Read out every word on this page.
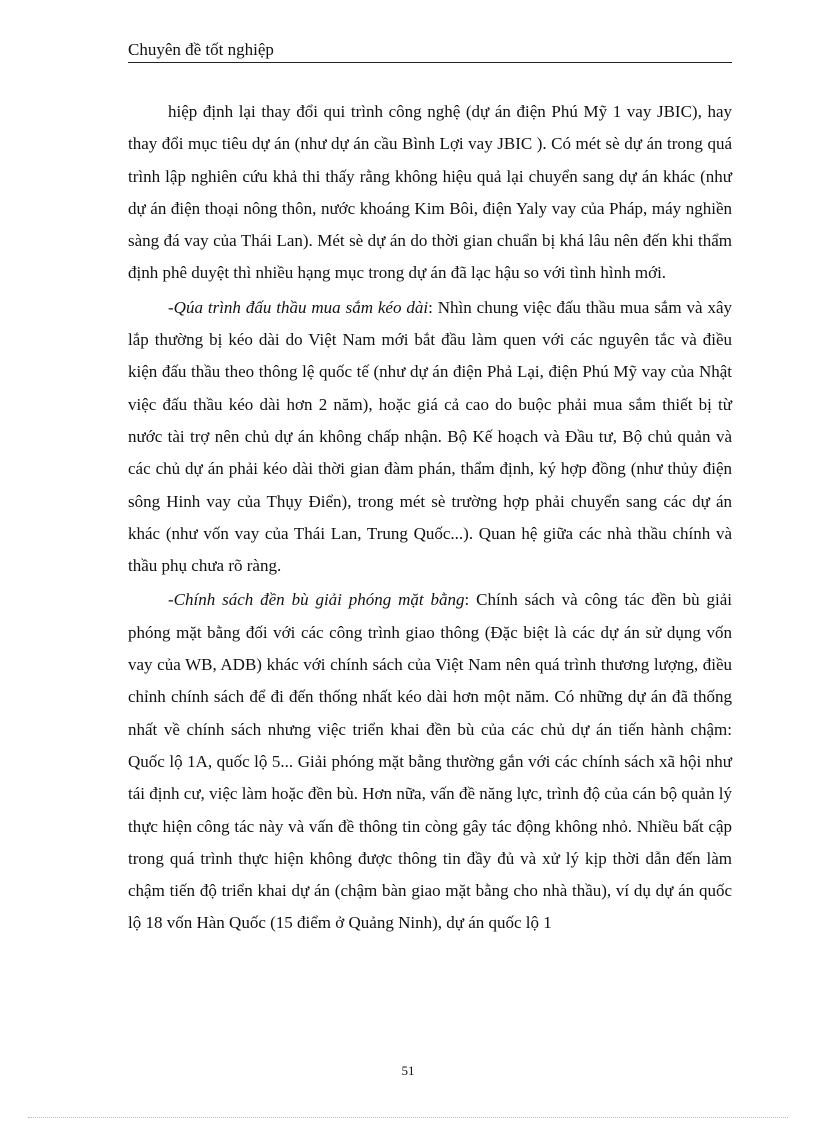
Chuyên đề tốt nghiệp

hiệp định lại thay đổi qui trình công nghệ (dự án điện Phú Mỹ 1 vay JBIC), hay thay đổi mục tiêu dự án (như dự án cầu Bình Lợi vay JBIC ). Có mét sè dự án trong quá trình lập nghiên cứu khả thi thấy rằng không hiệu quả lại chuyển sang dự án khác (như dự án điện thoại nông thôn, nước khoáng Kim Bôi, điện Yaly vay của Pháp, máy nghiền sàng đá vay của Thái Lan). Mét sè dự án do thời gian chuẩn bị khá lâu nên đến khi thẩm định phê duyệt thì nhiều hạng mục trong dự án đã lạc hậu so với tình hình mới.

-Qúa trình đấu thầu mua sắm kéo dài: Nhìn chung việc đấu thầu mua sắm và xây lắp thường bị kéo dài do Việt Nam mới bắt đầu làm quen với các nguyên tắc và điều kiện đấu thầu theo thông lệ quốc tế (như dự án điện Phả Lại, điện Phú Mỹ vay của Nhật việc đấu thầu kéo dài hơn 2 năm), hoặc giá cả cao do buộc phải mua sắm thiết bị từ nước tài trợ nên chủ dự án không chấp nhận. Bộ Kế hoạch và Đầu tư, Bộ chủ quản và các chủ dự án phải kéo dài thời gian đàm phán, thẩm định, ký hợp đồng (như thủy điện sông Hinh vay của Thụy Điển), trong mét sè trường hợp phải chuyển sang các dự án khác (như vốn vay của Thái Lan, Trung Quốc...). Quan hệ giữa các nhà thầu chính và thầu phụ chưa rõ ràng.

-Chính sách đền bù giải phóng mặt bằng: Chính sách và công tác đền bù giải phóng mặt bằng đối với các công trình giao thông (Đặc biệt là các dự án sử dụng vốn vay của WB, ADB) khác với chính sách của Việt Nam nên quá trình thương lượng, điều chỉnh chính sách để đi đến thống nhất kéo dài hơn một năm. Có những dự án đã thống nhất về chính sách nhưng việc triển khai đền bù của các chủ dự án tiến hành chậm: Quốc lộ 1A, quốc lộ 5... Giải phóng mặt bằng thường gắn với các chính sách xã hội như tái định cư, việc làm hoặc đền bù. Hơn nữa, vấn đề năng lực, trình độ của cán bộ quản lý thực hiện công tác này và vấn đề thông tin còng gây tác động không nhỏ. Nhiều bất cập trong quá trình thực hiện không được thông tin đầy đủ và xử lý kịp thời dẫn đến làm chậm tiến độ triển khai dự án (chậm bàn giao mặt bằng cho nhà thầu), ví dụ dự án quốc lộ 18 vốn Hàn Quốc (15 điểm ở Quảng Ninh), dự án quốc lộ 1

51
